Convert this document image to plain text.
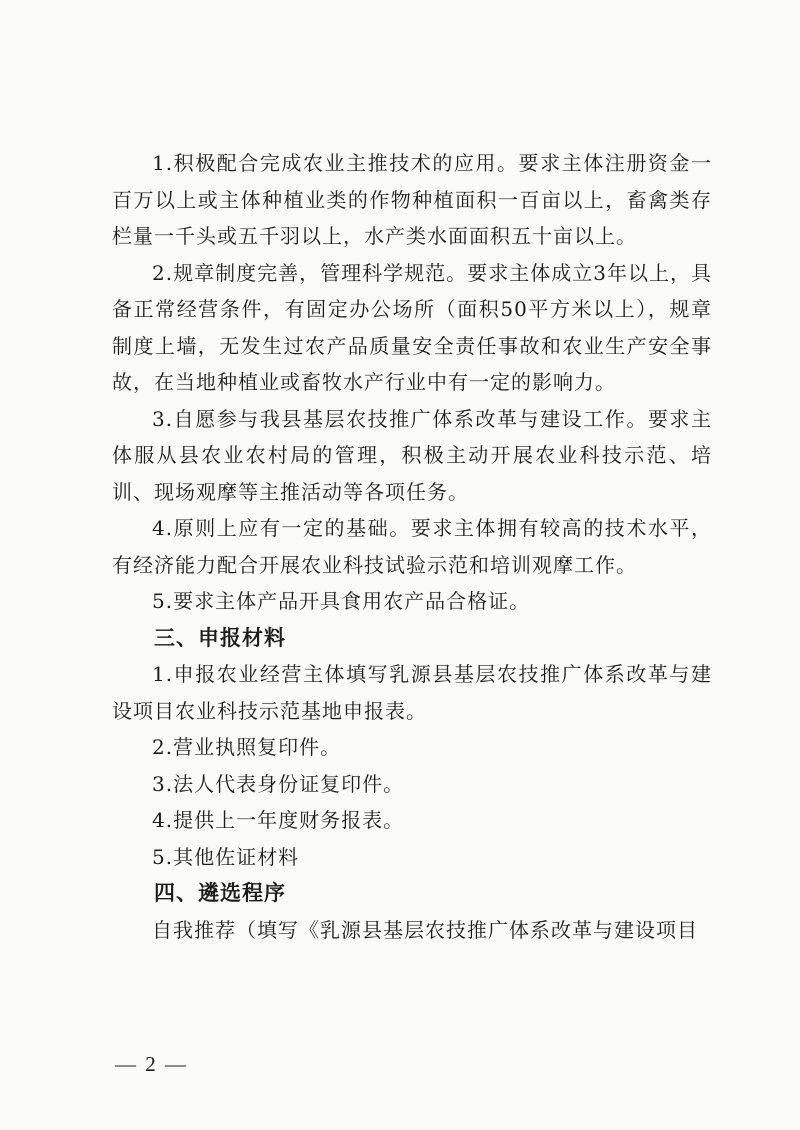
1.积极配合完成农业主推技术的应用。要求主体注册资金一百万以上或主体种植业类的作物种植面积一百亩以上，畜禽类存栏量一千头或五千羽以上，水产类水面面积五十亩以上。

2.规章制度完善，管理科学规范。要求主体成立3年以上，具备正常经营条件，有固定办公场所（面积50平方米以上），规章制度上墙，无发生过农产品质量安全责任事故和农业生产安全事故，在当地种植业或畜牧水产行业中有一定的影响力。

3.自愿参与我县基层农技推广体系改革与建设工作。要求主体服从县农业农村局的管理，积极主动开展农业科技示范、培训、现场观摩等主推活动等各项任务。

4.原则上应有一定的基础。要求主体拥有较高的技术水平，有经济能力配合开展农业科技试验示范和培训观摩工作。

5.要求主体产品开具食用农产品合格证。

三、申报材料

1.申报农业经营主体填写乳源县基层农技推广体系改革与建设项目农业科技示范基地申报表。

2.营业执照复印件。

3.法人代表身份证复印件。

4.提供上一年度财务报表。

5.其他佐证材料

四、遴选程序

自我推荐（填写《乳源县基层农技推广体系改革与建设项目

— 2 —
